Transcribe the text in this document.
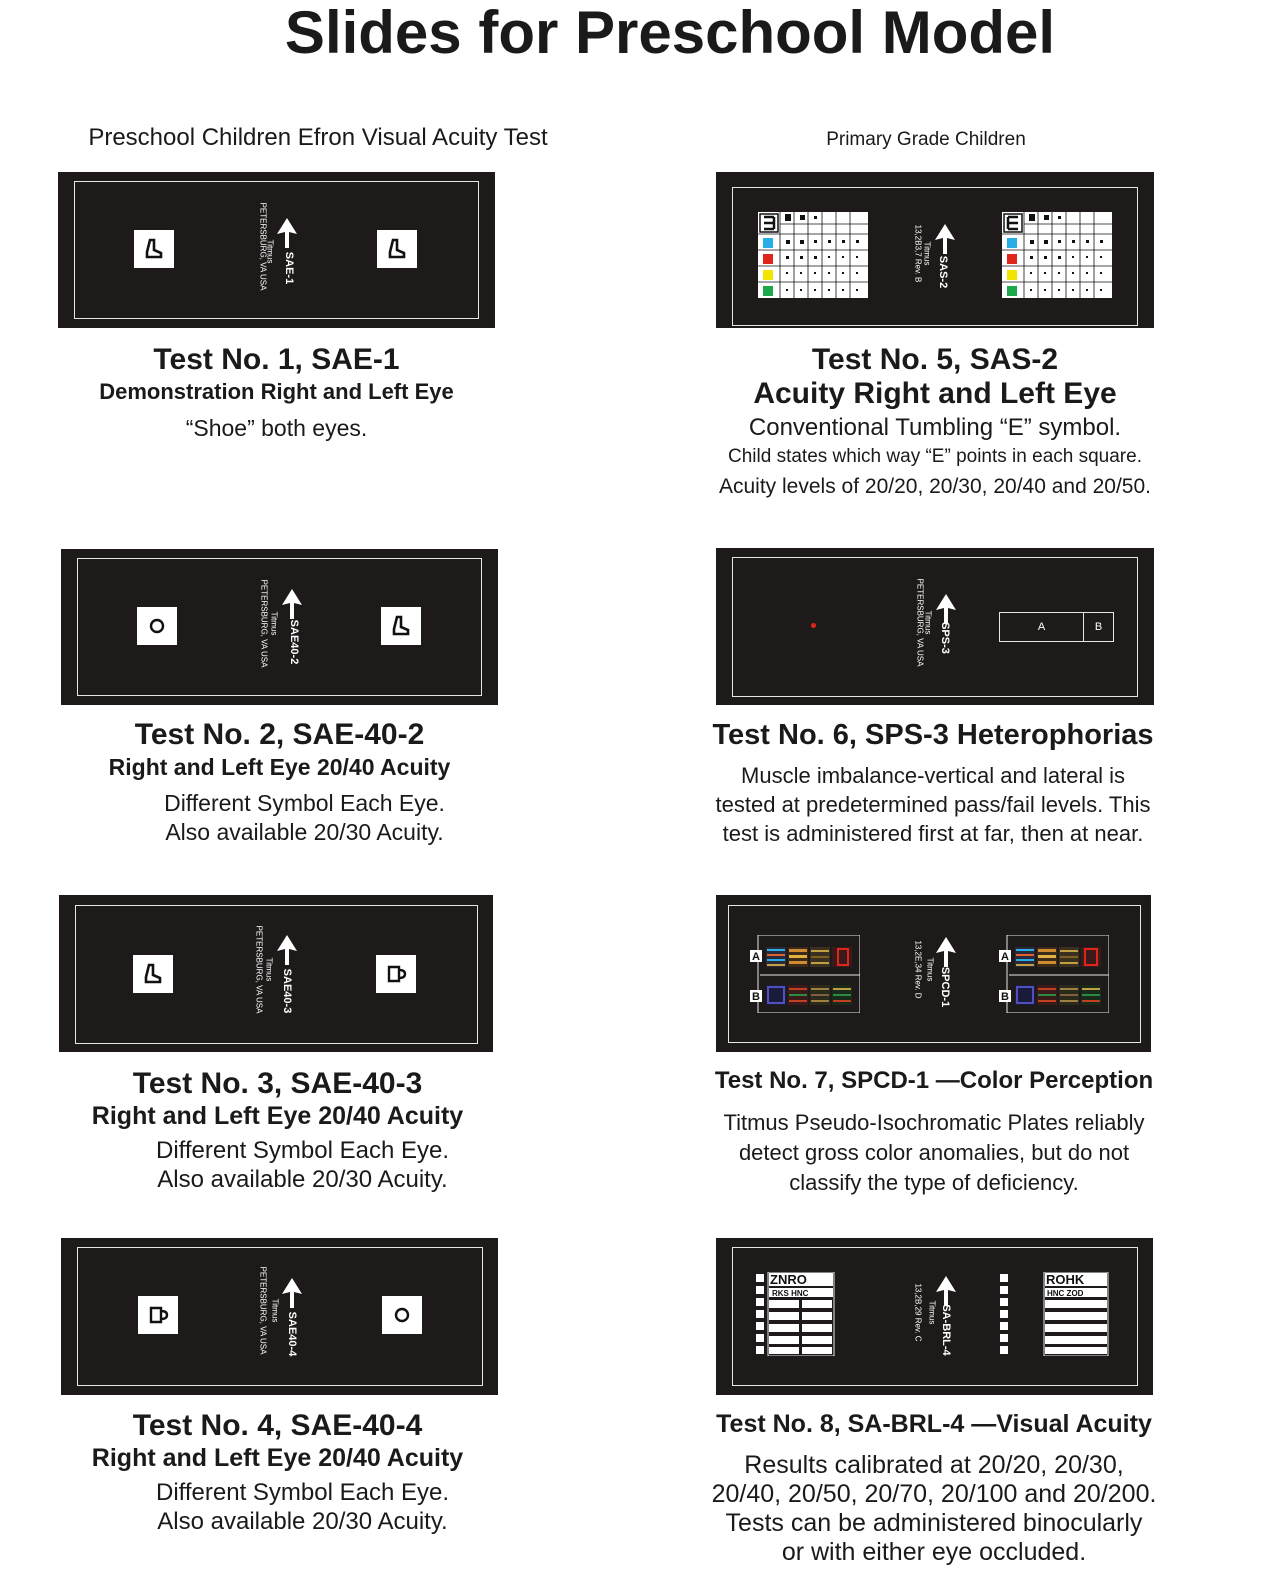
Slides for Preschool Model
Preschool Children Efron Visual Acuity Test	Primary Grade Children
SAE-1
Titmus
PETERSBURG, VA USA
Test No. 1, SAE-1
Demonstration Right and Left Eye
“Shoe” both eyes.
SAE40-2
Titmus
PETERSBURG, VA USA
Test No. 2, SAE-40-2
Right and Left Eye 20/40 Acuity
Different Symbol Each Eye.
Also available 20/30 Acuity.
SAE40-3
Titmus
PETERSBURG, VA USA
Test No. 3, SAE-40-3
Right and Left Eye 20/40 Acuity
Different Symbol Each Eye.
Also available 20/30 Acuity.
SAE40-4
Titmus
PETERSBURG, VA USA
Test No. 4, SAE-40-4
Right and Left Eye 20/40 Acuity
Different Symbol Each Eye.
Also available 20/30 Acuity.
SAS-2
Titmus
13,2B3,7 Rev. B
Test No. 5, SAS-2
Acuity Right and Left Eye
Conventional Tumbling “E” symbol.
Child states which way “E” points in each square.
Acuity levels of 20/20, 20/30, 20/40 and 20/50.
SPS-3
Titmus
PETERSBURG, VA USA	A	B
Test No. 6, SPS-3 Heterophorias
Muscle imbalance-vertical and lateral is
tested at predetermined pass/fail levels. This
test is administered first at far, then at near.
A
B
A
B
SPCD-1
Titmus
13,2E,34 Rev. D
Test No. 7, SPCD-1 —Color Perception
Titmus Pseudo-Isochromatic Plates reliably
detect gross color anomalies, but do not
classify the type of deficiency.
ZNRO
RKS HNC
ROHK
HNC ZOD
SA-BRL-4
Titmus
13,2B,29 Rev. C
Test No. 8, SA-BRL-4 —Visual Acuity
Results calibrated at 20/20, 20/30,
20/40, 20/50, 20/70, 20/100 and 20/200.
Tests can be administered binocularly
or with either eye occluded.
